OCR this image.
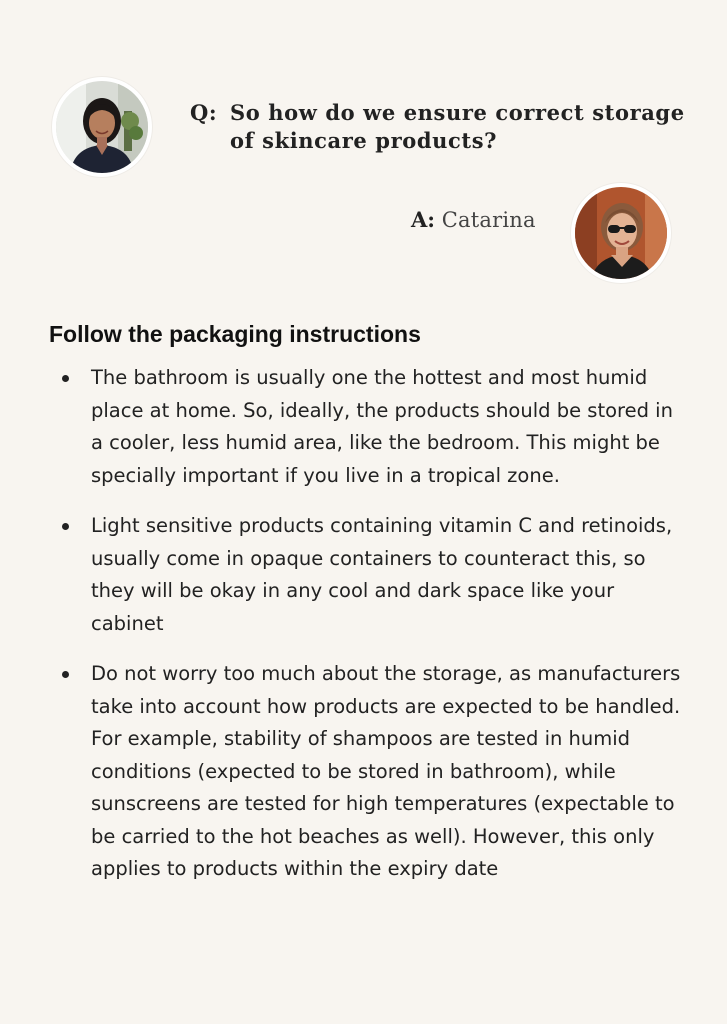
Q: So how do we ensure correct storage
of skincare products?
A: Catarina
Follow the packaging instructions
The bathroom is usually one the hottest and most humid place at home. So, ideally, the products should be stored in a cooler, less humid area, like the bedroom. This might be specially important if you live in a tropical zone.
Light sensitive products containing vitamin C and retinoids, usually come in opaque containers to counteract this, so they will be okay in any cool and dark space like your cabinet
Do not worry too much about the storage, as manufacturers take into account how products are expected to be handled. For example, stability of shampoos are tested in humid conditions (expected to be stored in bathroom), while sunscreens are tested for high temperatures (expectable to be carried to the hot beaches as well). However, this only applies to products within the expiry date
